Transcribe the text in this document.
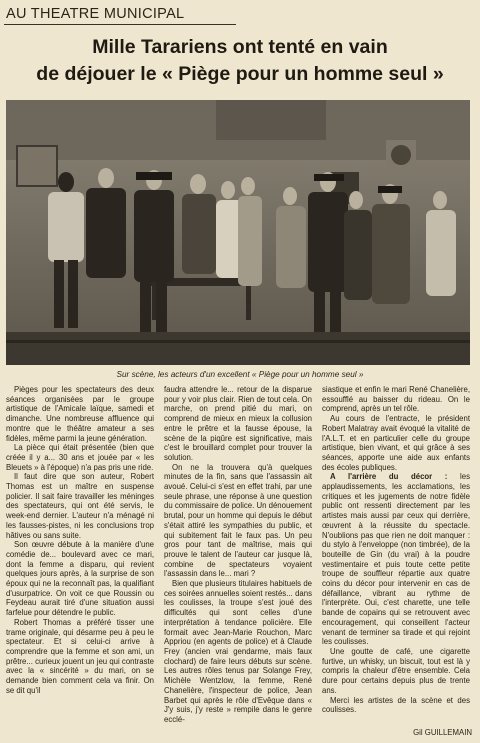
AU THEATRE MUNICIPAL
Mille Tarariens ont tenté en vain
de déjouer le « Piège pour un homme seul »
Sur scène, les acteurs d'un excellent « Piège pour un homme seul »

Pièges pour les spectateurs des deux séances organisées par le groupe artistique de l'Amicale laïque, samedi et dimanche. Une nombreuse affluence qui montre que le théâtre amateur a ses fidèles, même parmi la jeune génération.

La pièce qui était présentée (bien que créée il y a... 30 ans et jouée par « les Bleuets » à l'époque) n'a pas pris une ride.

Il faut dire que son auteur, Robert Thomas est un maître en suspense policier. Il sait faire travailler les méninges des spectateurs, qui ont été servis, le week-end dernier. L'auteur n'a ménagé ni les fausses-pistes, ni les conclusions trop hâtives ou sans suite.

Son œuvre débute à la manière d'une comédie de... boulevard avec ce mari, dont la femme a disparu, qui revient quelques jours après, à la surprise de son époux qui ne la reconnaît pas, la qualifiant d'usurpatrice. On voit ce que Roussin ou Feydeau aurait tiré d'une situation aussi farfelue pour détendre le public.

Robert Thomas a préféré tisser une trame originale, qui désarme peu à peu le spectateur. Et si celui-ci arrive à comprendre que la femme et son ami, un prêtre... curieux jouent un jeu qui contraste avec la « sincérité » du mari, on se demande bien comment cela va finir. On se dit qu'il

faudra attendre le... retour de la disparue pour y voir plus clair. Rien de tout cela. On marche, on prend pitié du mari, on comprend de mieux en mieux la collusion entre le prêtre et la fausse épouse, la scène de la piqûre est significative, mais c'est le brouillard complet pour trouver la solution.

On ne la trouvera qu'à quelques minutes de la fin, sans que l'assassin ait avoué. Celui-ci s'est en effet trahi, par une seule phrase, une réponse à une question du commissaire de police. Un dénouement brutal, pour un homme qui depuis le début s'était attiré les sympathies du public, et qui subitement fait le faux pas. Un peu gros pour tant de maîtrise, mais qui prouve le talent de l'auteur car jusque là, combine de spectateurs voyaient l'assassin dans le... mari ?

Bien que plusieurs titulaires habituels de ces soirées annuelles soient restés... dans les coulisses, la troupe s'est joué des difficultés qui sont celles d'une interprétation à tendance policière. Elle formait avec Jean-Marie Rouchon, Marc Appriou (en agents de police) et à Claude Frey (ancien vrai gendarme, mais faux clochard) de faire leurs débuts sur scène. Les autres rôles tenus par Solange Frey, Michèle Wentzlow, la femme, René Chanelière, l'inspecteur de police, Jean Barbet qui après le rôle d'Evêque dans « J'y suis, j'y reste » rempile dans le genre ecclé-

siastique et enfin le mari René Chanelière, essoufflé au baisser du rideau. On le comprend, après un tel rôle.

Au cours de l'entracte, le président Robert Malatray avait évoqué la vitalité de l'A.L.T. et en particulier celle du groupe artistique, bien vivant, et qui grâce à ses séances, apporte une aide aux enfants des écoles publiques.

A l'arrière du décor : les applaudissements, les acclamations, les critiques et les jugements de notre fidèle public ont ressenti directement par les artistes mais aussi par ceux qui derrière, œuvrent à la réussite du spectacle. N'oublions pas que rien ne doit manquer : du stylo à l'enveloppe (non timbrée), de la bouteille de Gin (du vrai) à la poudre vestimentaire et puis toute cette petite troupe de souffleur répartie aux quatre coins du décor pour intervenir en cas de défaillance, vibrant au rythme de l'interprète. Oui, c'est charette, une telle bande de copains qui se retrouvent avec encouragement, qui conseillent l'acteur venant de terminer sa tirade et qui rejoint les coulisses.

Une goutte de café, une cigarette furtive, un whisky, un biscuit, tout est là y compris la chaleur d'être ensemble. Cela dure pour certains depuis plus de trente ans.

Merci les artistes de la scène et des coulisses.

Gil GUILLEMAIN
